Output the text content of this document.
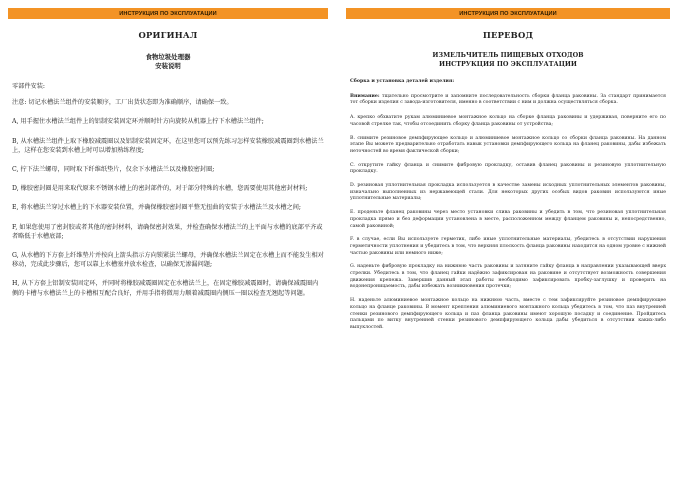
ИНСТРУКЦИЯ ПО ЭКСПЛУАТАЦИИ
ОРИГИНАЛ
食物垃圾处理器
安装说明

零部件安装:

注意: 切记水槽法兰组件的安装顺序，工厂出货状态即为准确顺序，请确保一致。

A, 用手握住水槽法兰组件上的铝制安装固定环并顺时针方向旋转从机器上拧下水槽法兰组件;

B, 从水槽法兰组件上取下橡胶减震圈以及铝制安装固定环，在这里您可以预先练习怎样安装橡胶减震圈到水槽法兰上，这样在您安装到水槽上时可以增加熟练程度;

C, 拧下法兰螺母，同时取下纤维纸垫片，仅余下水槽法兰以及橡胶密封圈;

D, 橡胶密封圈是用来取代原来不锈钢水槽上的密封部件的，对于部分特殊的水槽，您需要使用其他密封材料;

E, 将水槽法兰穿过水槽上的下水器安装位置，并确保橡胶密封圈平整无扭曲的安装于水槽法兰及水槽之间;

F, 如果您使用了密封胶或者其他的密封材料，请确保密封效果，并检查确保水槽法兰的上平面与水槽的底部平齐或者略低于水槽底部;

G, 从水槽的下方套上纤维垫片并按向上箭头指示方向锁紧法兰螺母，并确保水槽法兰固定在水槽上而不能发生相对移动，完成此步骤后，您可以靠上水槽塞并放水检查，以确保无渗漏问题;

H, 从下方套上铝制安装固定环，并同时将橡胶减震圈固定在水槽法兰上，在固定橡胶减震圈时，请确保减震圈内侧的卡槽与水槽法兰上的卡槽相互配合良好，并用手指将微用力顺着减震圈内侧压一圈以检查无翘起等问题。

ИНСТРУКЦИЯ ПО ЭКСПЛУАТАЦИИ
ПЕРЕВОД
ИЗМЕЛЬЧИТЕЛЬ ПИЩЕВЫХ ОТХОДОВ
ИНСТРУКЦИЯ ПО ЭКСПЛУАТАЦИИ

Сборка и установка деталей изделия:

Внимание: тщательно просмотрите и запомните последовательность сборки фланца раковины. За стандарт принимается тот сборки изделия с завода-изготовителя, именно в соответствии с ним и должна осуществляться сборка.

A. крепко обхватите рукам алюминиевое монтажное кольцо на сборке фланца раковины и удерживая, поверните его по часовой стрелке так, чтобы отсоединить сборку фланца раковины от устройства;

B. снимите резиновое демпфирующее кольцо и алюминиевое монтажное кольцо со сборки фланца раковины. На данном этапе Вы можете предварительно отработать навык установки демпфирующего кольца на фланец раковины, дабы избежать неточностей во время фактической сборки;

C. открутите гайку фланца и снимите фибровую прокладку, оставив фланец раковины и резиновую уплотнительную прокладку.

D. резиновая уплотнительная прокладка используется в качестве замены исходных уплотнительных элементов раковины, изначально выполненных из нержавеющей стали. Для некоторых других особых видов раковин используются иные уплотнительные материалы;

E. проденьте фланец раковины через место установки слива раковины и убедить в том, что резиновая уплотнительная прокладка прямо и без деформации установлена в месте, расположенном между фланцем раковины и, непосредственно, самой раковиной;

F. в случае, если Вы используете герметик, либо иные уплотнительные материалы, убедитесь в отсутствии нарушения герметичности уплотнения и убедитесь в том, что верхняя плоскость фланца раковины находится на одном уровне с нижней частью раковины или немного ниже;

G. наденьте фибровую прокладку на нижнюю часть раковины и затяните гайку фланца в направлении указывающей вверх стрелки. Убедитесь в том, что фланец гайки надёжно зафиксирован на раковине и отсутствует возможность совершения движения крепежа. Завершив данный этап работы необходимо зафиксировать пробку-заглушку и проверить на водонепроницаемость, дабы избежать возникновения протечки;

H. наденьте алюминиевое монтажное кольцо на нижнюю часть, вместе с тем зафиксируйте резиновое демпфирующее кольцо на фланце раковины. В момент крепления алюминиевого монтажного кольца убедитесь в том, что паз внутренней стенки резинового демпфирующего кольца и паз фланца раковины имеют хорошую посадку и соединение. Пройдитесь пальцами по витку внутренней стенки резинового демпфирующего кольца дабы убедиться в отсутствии каких-либо выпуклостей.
